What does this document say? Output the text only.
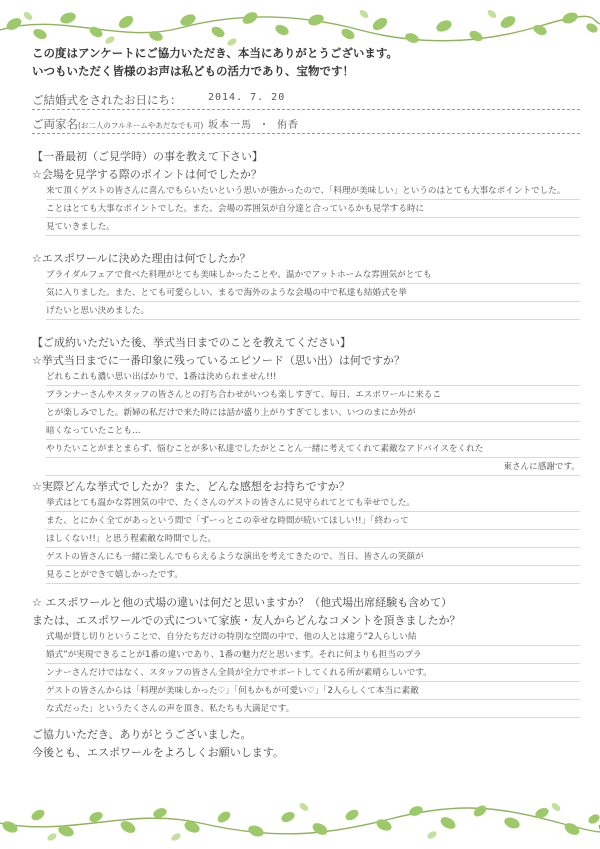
この度はアンケートにご協力いただき、本当にありがとうございます。

いつもいただく皆様のお声は私どもの活力であり、宝物です！

ご結婚式をされたお日にち：	2014. 7. 20
ご両家名(お二人のフルネームやあだなでも可) 坂本一馬 ・ 侑香
【一番最初（ご見学時）の事を教えて下さい】
☆会場を見学する際のポイントは何でしたか？
来て頂くゲストの皆さんに喜んでもらいたいという思いが強かったので、「料理が美味しい」というのはとても大事なポイントでした。
ことはとても大事なポイントでした。また、会場の雰囲気が自分達と合っているかも見学する時に
見ていきました。
☆エスポワールに決めた理由は何でしたか？
ブライダルフェアで食べた料理がとても美味しかったことや、温かでアットホームな雰囲気がとても
気に入りました。また、とても可愛らしい、まるで海外のような会場の中で私達も結婚式を挙
げたいと思い決めました。
【ご成約いただいた後、挙式当日までのことを教えてください】
☆挙式当日までに一番印象に残っているエピソード（思い出）は何ですか？
どれもこれも濃い思い出ばかりで、1番は決められません!!!
プランナーさんやスタッフの皆さんとの打ち合わせがいつも楽しすぎて、毎日、エスポワールに来るこ
とが楽しみでした。新婦の私だけで来た時には話が盛り上がりすぎてしまい、いつのまにか外が
暗くなっていたことも…
やりたいことがまとまらず、悩むことが多い私達でしたがとことん一緒に考えてくれて素敵なアドバイスをくれた
東さんに感謝です。
☆実際どんな挙式でしたか？また、どんな感想をお持ちですか？
挙式はとても温かな雰囲気の中で、たくさんのゲストの皆さんに見守られてとても幸せでした。
また、とにかく全てがあっという間で「ずーっとこの幸せな時間が続いてほしい!!」「終わって
ほしくない!!」と思う程素敵な時間でした。
ゲストの皆さんにも一緒に楽しんでもらえるような演出を考えてきたので、当日、皆さんの笑顔が
見ることができて嬉しかったです。
☆ エスポワールと他の式場の違いは何だと思いますか？（他式場出席経験も含めて）
または、エスポワールでの式について家族・友人からどんなコメントを頂きましたか？
式場が貸し切りということで、自分たちだけの特別な空間の中で、他の人とは違う“2人らしい結
婚式”が実現できることが1番の違いであり、1番の魅力だと思います。それに何よりも担当のプラ
ンナーさんだけではなく、スタッフの皆さん全員が全力でサポートしてくれる所が素晴らしいです。
ゲストの皆さんからは「料理が美味しかった♡」「何もかもが可愛い♡」「2人らしくて本当に素敵
な式だった」というたくさんの声を頂き、私たちも大満足です。
ご協力いただき、ありがとうございました。
今後とも、エスポワールをよろしくお願いします。
